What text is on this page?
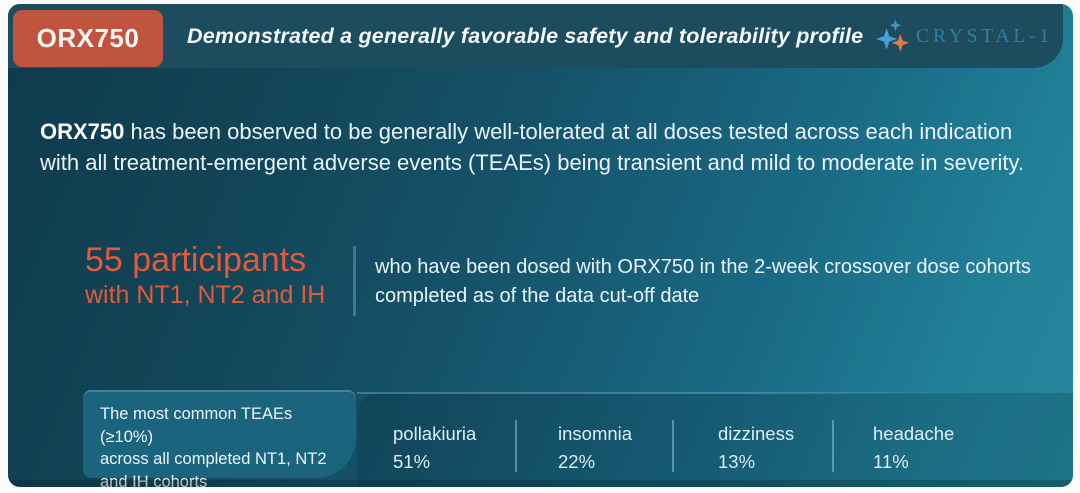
ORX750 Demonstrated a generally favorable safety and tolerability profile	CRYSTAL-1
ORX750 has been observed to be generally well-tolerated at all doses tested across each indication
with all treatment-emergent adverse events (TEAEs) being transient and mild to moderate in severity.
55 participants
with NT1, NT2 and IH
who have been dosed with ORX750 in the 2-week crossover dose cohorts
completed as of the data cut-off date
The most common TEAEs (≥10%)
across all completed NT1, NT2
and IH cohorts
pollakiuria
51%
insomnia
22%
dizziness
13%
headache
11%
